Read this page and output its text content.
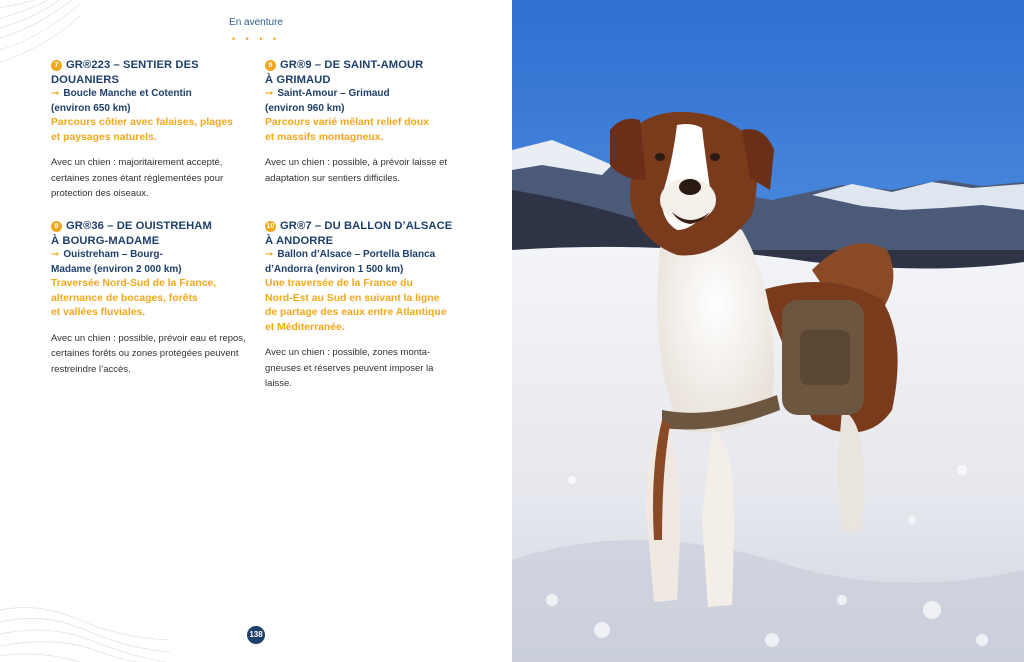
En aventure
• • • •
7 GR®223 – SENTIER DES DOUANIERS
➞ Boucle Manche et Cotentin
(environ 650 km)
Parcours côtier avec falaises, plages
et paysages naturels.
Avec un chien : majoritairement accepté,
certaines zones étant réglementées pour
protection des oiseaux.
9 GR®9 – DE SAINT-AMOUR
À GRIMAUD
➞ Saint-Amour – Grimaud
(environ 960 km)
Parcours varié mêlant relief doux
et massifs montagneux.
Avec un chien : possible, à prévoir laisse et
adaptation sur sentiers difficiles.
8 GR®36 – DE OUISTREHAM
À BOURG-MADAME
➞ Ouistreham – Bourg-
Madame (environ 2 000 km)
Traversée Nord-Sud de la France,
alternance de bocages, forêts
et vallées fluviales.
Avec un chien : possible, prévoir eau et repos,
certaines forêts ou zones protégées peuvent
restreindre l’accès.
10 GR®7 – DU BALLON D’ALSACE
À ANDORRE
➞ Ballon d’Alsace – Portella Blanca
d’Andorra (environ 1 500 km)
Une traversée de la France du
Nord-Est au Sud en suivant la ligne
de partage des eaux entre Atlantique
et Méditerranée.
Avec un chien : possible, zones monta-
gneuses et réserves peuvent imposer la
laisse.
138
